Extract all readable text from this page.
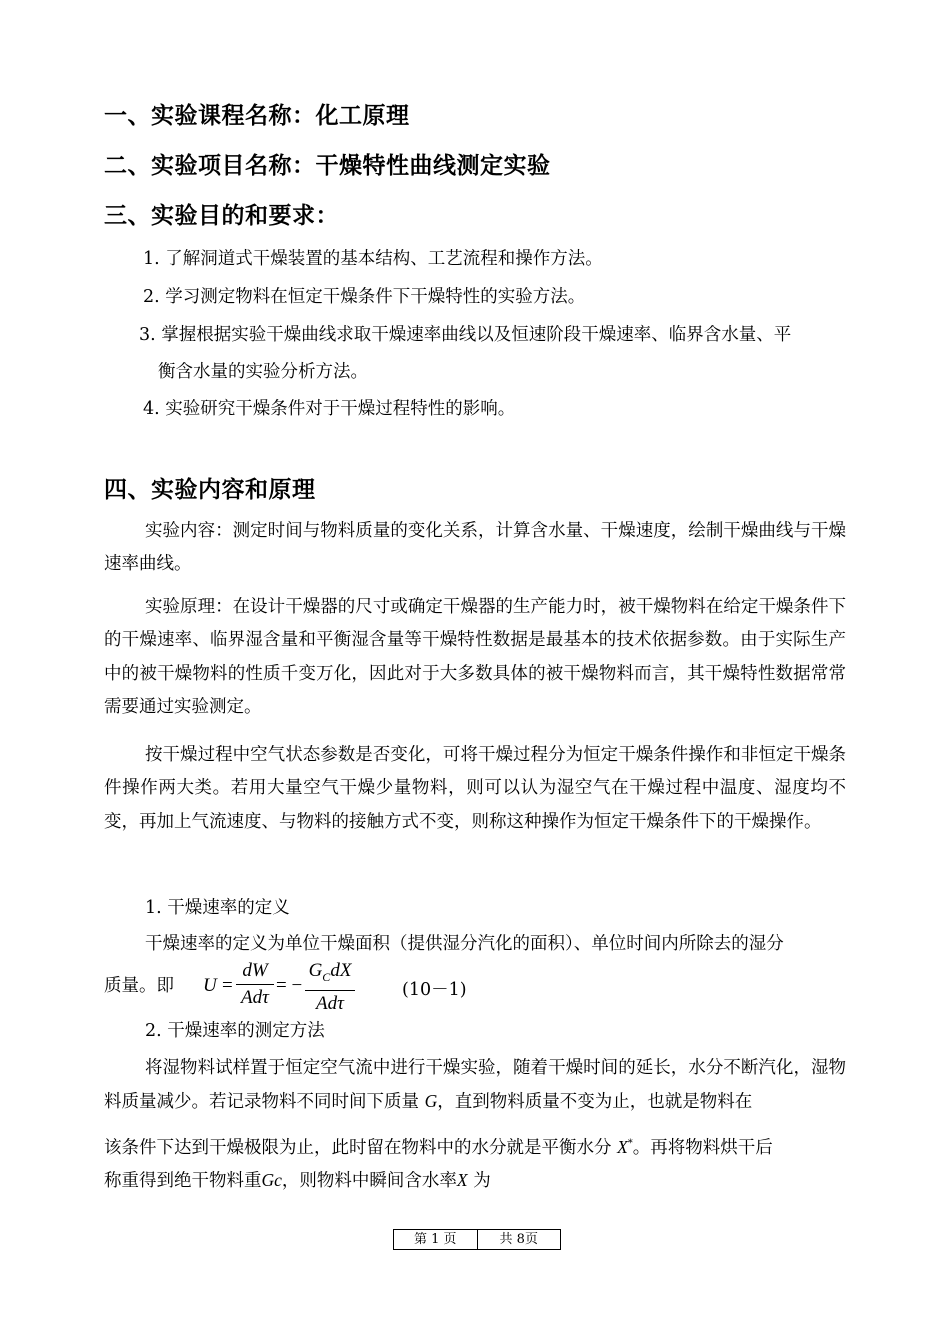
一、实验课程名称：化工原理
二、实验项目名称：干燥特性曲线测定实验
三、实验目的和要求：
1. 了解洞道式干燥装置的基本结构、工艺流程和操作方法。
2. 学习测定物料在恒定干燥条件下干燥特性的实验方法。
3. 掌握根据实验干燥曲线求取干燥速率曲线以及恒速阶段干燥速率、临界含水量、平
衡含水量的实验分析方法。
4. 实验研究干燥条件对于干燥过程特性的影响。
四、实验内容和原理
实验内容：测定时间与物料质量的变化关系，计算含水量、干燥速度，绘制干燥曲线与干燥速率曲线。
实验原理：在设计干燥器的尺寸或确定干燥器的生产能力时，被干燥物料在给定干燥条件下的干燥速率、临界湿含量和平衡湿含量等干燥特性数据是最基本的技术依据参数。由于实际生产中的被干燥物料的性质千变万化，因此对于大多数具体的被干燥物料而言，其干燥特性数据常常需要通过实验测定。
按干燥过程中空气状态参数是否变化，可将干燥过程分为恒定干燥条件操作和非恒定干燥条件操作两大类。若用大量空气干燥少量物料，则可以认为湿空气在干燥过程中温度、湿度均不变，再加上气流速度、与物料的接触方式不变，则称这种操作为恒定干燥条件下的干燥操作。
1. 干燥速率的定义
干燥速率的定义为单位干燥面积（提供湿分汽化的面积）、单位时间内所除去的湿分
质量。即 U =
dW
Adτ
= −
$G_CdX$
Adτ
(10－1)
2. 干燥速率的测定方法
将湿物料试样置于恒定空气流中进行干燥实验，随着干燥时间的延长，水分不断汽化，湿物料质量减少。若记录物料不同时间下质量 G，直到物料质量不变为止，也就是物料在
该条件下达到干燥极限为止，此时留在物料中的水分就是平衡水分 X*。再将物料烘干后
称重得到绝干物料重Gc，则物料中瞬间含水率X 为
第 1 页	共 8页
